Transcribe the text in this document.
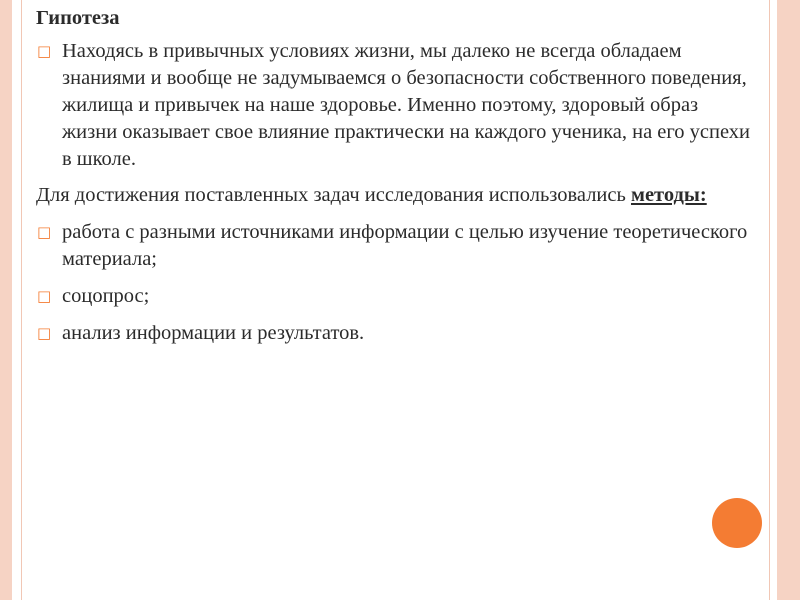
Гипотеза
□ Находясь в привычных условиях жизни, мы далеко не всегда обладаем знаниями и вообще не задумываемся о безопасности собственного поведения, жилища и привычек на наше здоровье. Именно поэтому, здоровый образ жизни оказывает свое влияние практически на каждого ученика, на его успехи в школе.
Для достижения поставленных задач исследования использовались методы:
□ работа с разными источниками информации с целью изучение теоретического материала;
□ соцопрос;
□ анализ информации и результатов.
